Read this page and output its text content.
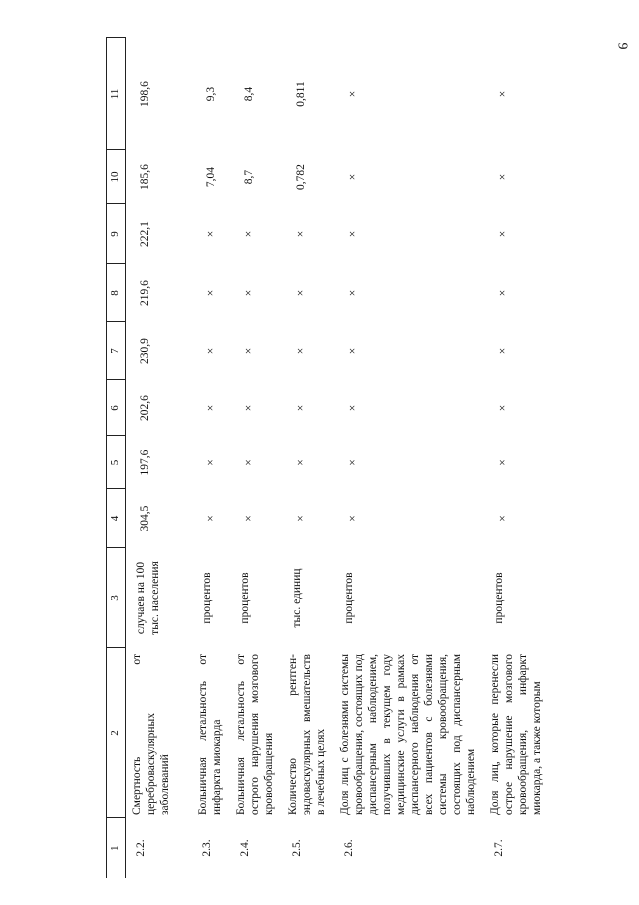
9
1	2	3	4	5	6	7	8	9	10	11
2.2.	Смертность от цереброваскулярных заболеваний	случаев на 100 тыс. населения	304,5	197,6	202,6	230,9	219,6	222,1	185,6	198,6
2.3.	Больничная летальность от инфаркта миокарда	процентов	×	×	×	×	×	×	7,04	9,3
2.4.	Больничная летальность от острого нарушения мозгового кровообращения	процентов	×	×	×	×	×	×	8,7	8,4
2.5.	Количество рентген-эндоваскулярных вмешательств в лечебных целях	тыс. единиц	×	×	×	×	×	×	0,782	0,811
2.6.	Доля лиц с болезнями системы кровообращения, состоящих под диспансерным наблюдением, получивших в текущем году медицинские услуги в рамках диспансерного наблюдения от всех пациентов с болезнями системы кровообращения, состоящих под диспансерным наблюдением	процентов	×	×	×	×	×	×	×	×
2.7.	Доля лиц, которые перенесли острое нарушение мозгового кровообращения, инфаркт миокарда, а также которым	процентов	×	×	×	×	×	×	×	×
